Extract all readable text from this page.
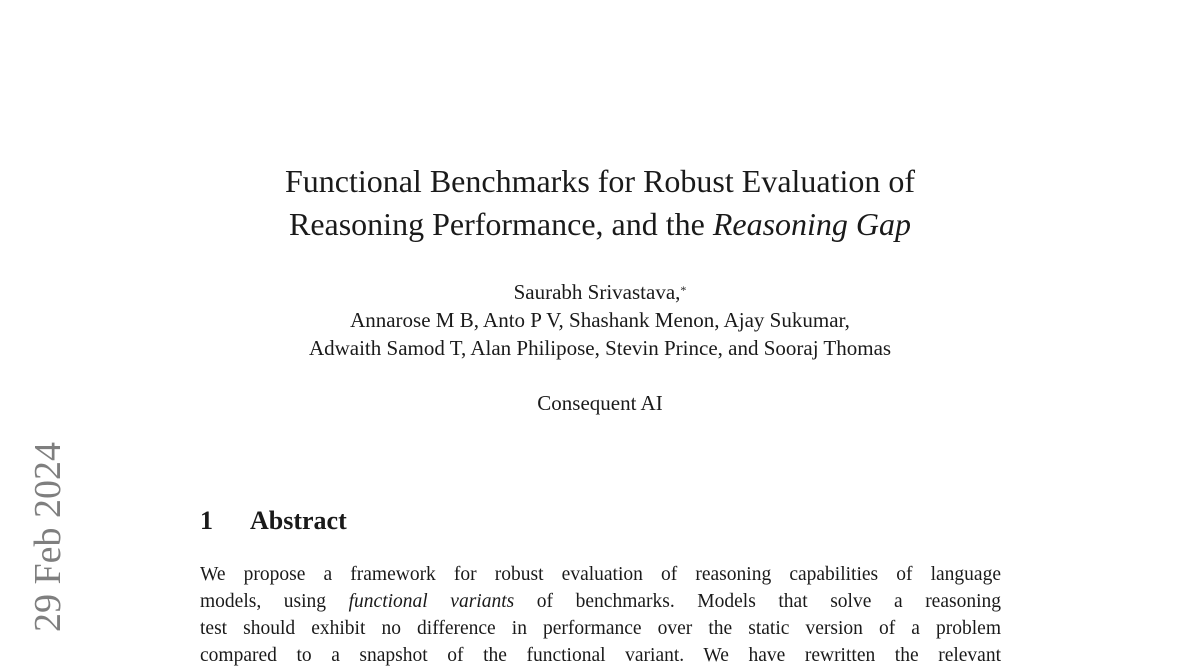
29 Feb 2024
Functional Benchmarks for Robust Evaluation of
Reasoning Performance, and the Reasoning Gap
Saurabh Srivastava,*
Annarose M B, Anto P V, Shashank Menon, Ajay Sukumar,
Adwaith Samod T, Alan Philipose, Stevin Prince, and Sooraj Thomas
Consequent AI
1 Abstract

We propose a framework for robust evaluation of reasoning capabilities of language
models, using functional variants of benchmarks. Models that solve a reasoning
test should exhibit no difference in performance over the static version of a problem
compared to a snapshot of the functional variant. We have rewritten the relevant
